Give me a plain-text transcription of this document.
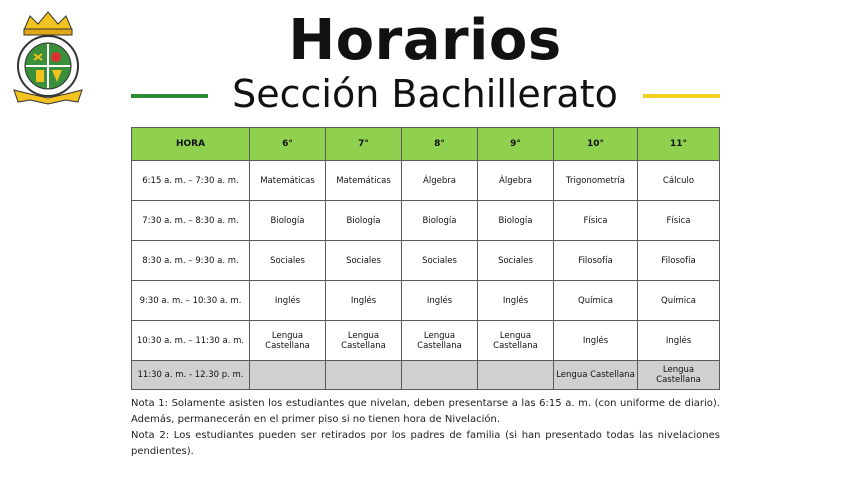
Horarios
Sección Bachillerato
HORA	6°	7°	8°	9°	10°	11°
6:15 a. m. – 7:30 a. m.	Matemáticas	Matemáticas	Álgebra	Álgebra	Trigonometría	Cálculo
7:30 a. m. – 8:30 a. m.	Biología	Biología	Biología	Biología	Física	Física
8:30 a. m. – 9:30 a. m.	Sociales	Sociales	Sociales	Sociales	Filosofía	Filosofía
9:30 a. m. – 10:30 a. m.	Inglés	Inglés	Inglés	Inglés	Química	Química
10:30 a. m. – 11:30 a. m.	Lengua Castellana	Lengua Castellana	Lengua Castellana	Lengua Castellana	Inglés	Inglés
11:30 a. m. - 12.30 p. m.					Lengua Castellana	Lengua Castellana

Nota 1: Solamente asisten los estudiantes que nivelan, deben presentarse a las 6:15 a. m. (con uniforme de diario). Además, permanecerán en el primer piso si no tienen hora de Nivelación.

Nota 2: Los estudiantes pueden ser retirados por los padres de familia (si han presentado todas las nivelaciones pendientes).
